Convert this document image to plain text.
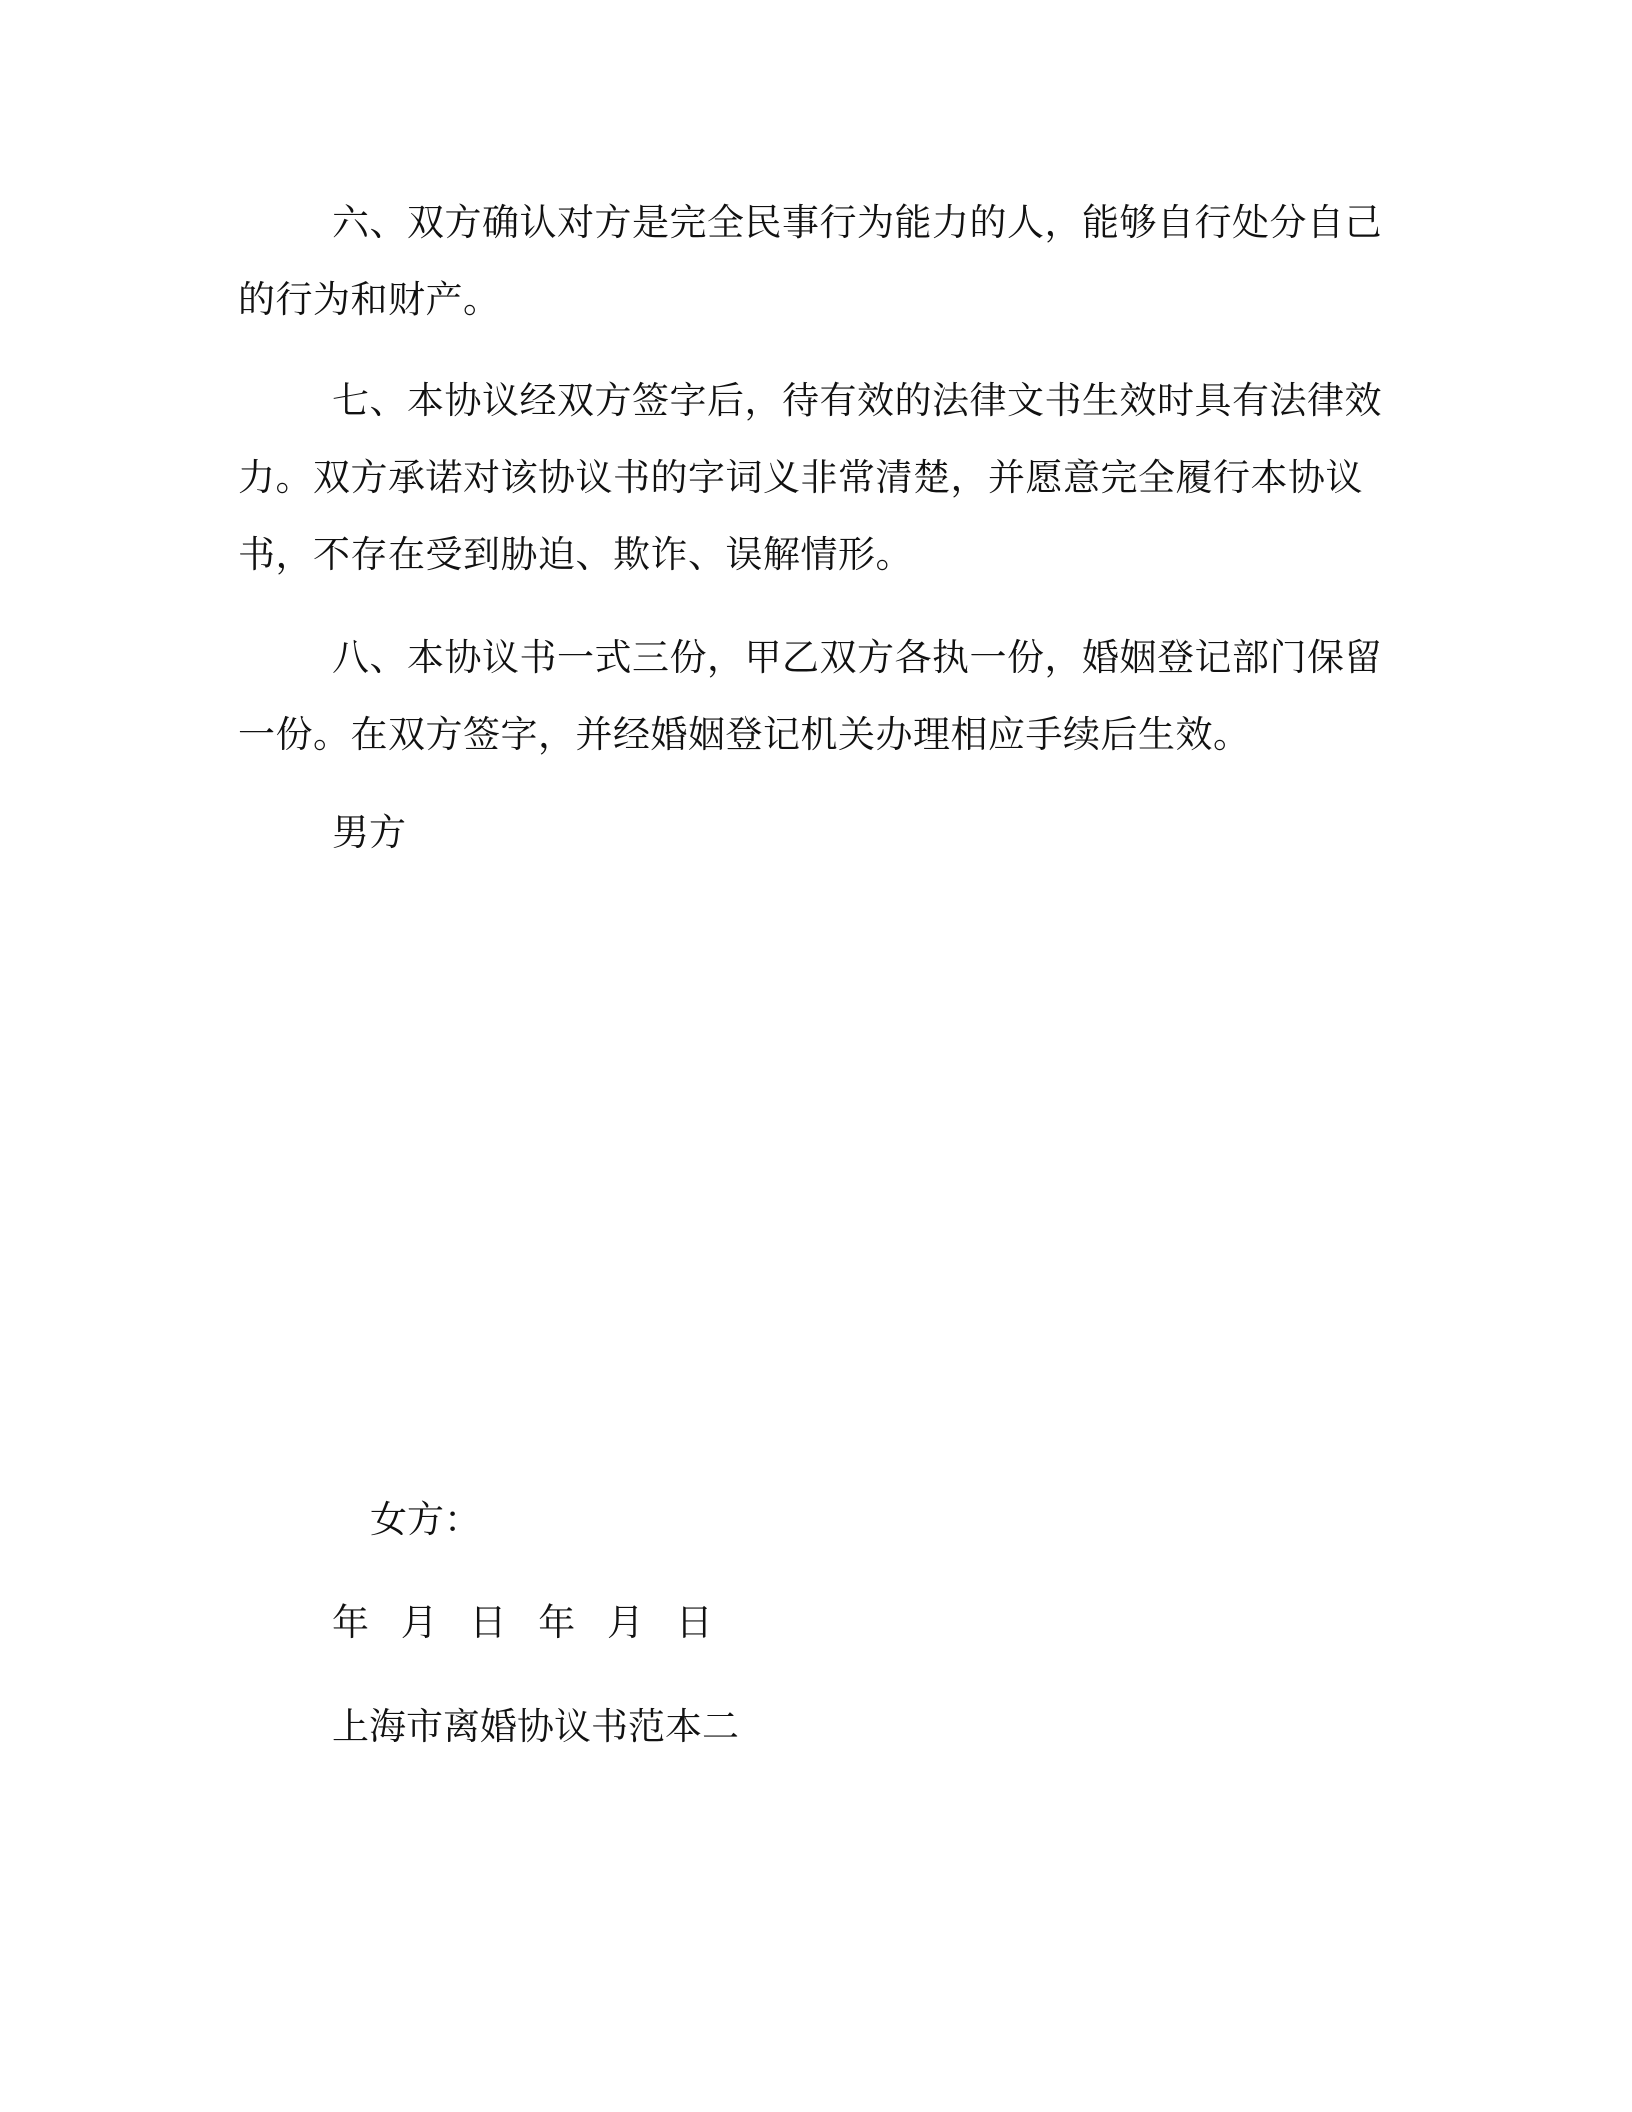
六、双方确认对方是完全民事行为能力的人，能够自行处分自己的行为和财产。

七、本协议经双方签字后，待有效的法律文书生效时具有法律效力。双方承诺对该协议书的字词义非常清楚，并愿意完全履行本协议书，不存在受到胁迫、欺诈、误解情形。

八、本协议书一式三份，甲乙双方各执一份，婚姻登记部门保留一份。在双方签字，并经婚姻登记机关办理相应手续后生效。

男方
女方：
年 月 日 年 月 日
上海市离婚协议书范本二
